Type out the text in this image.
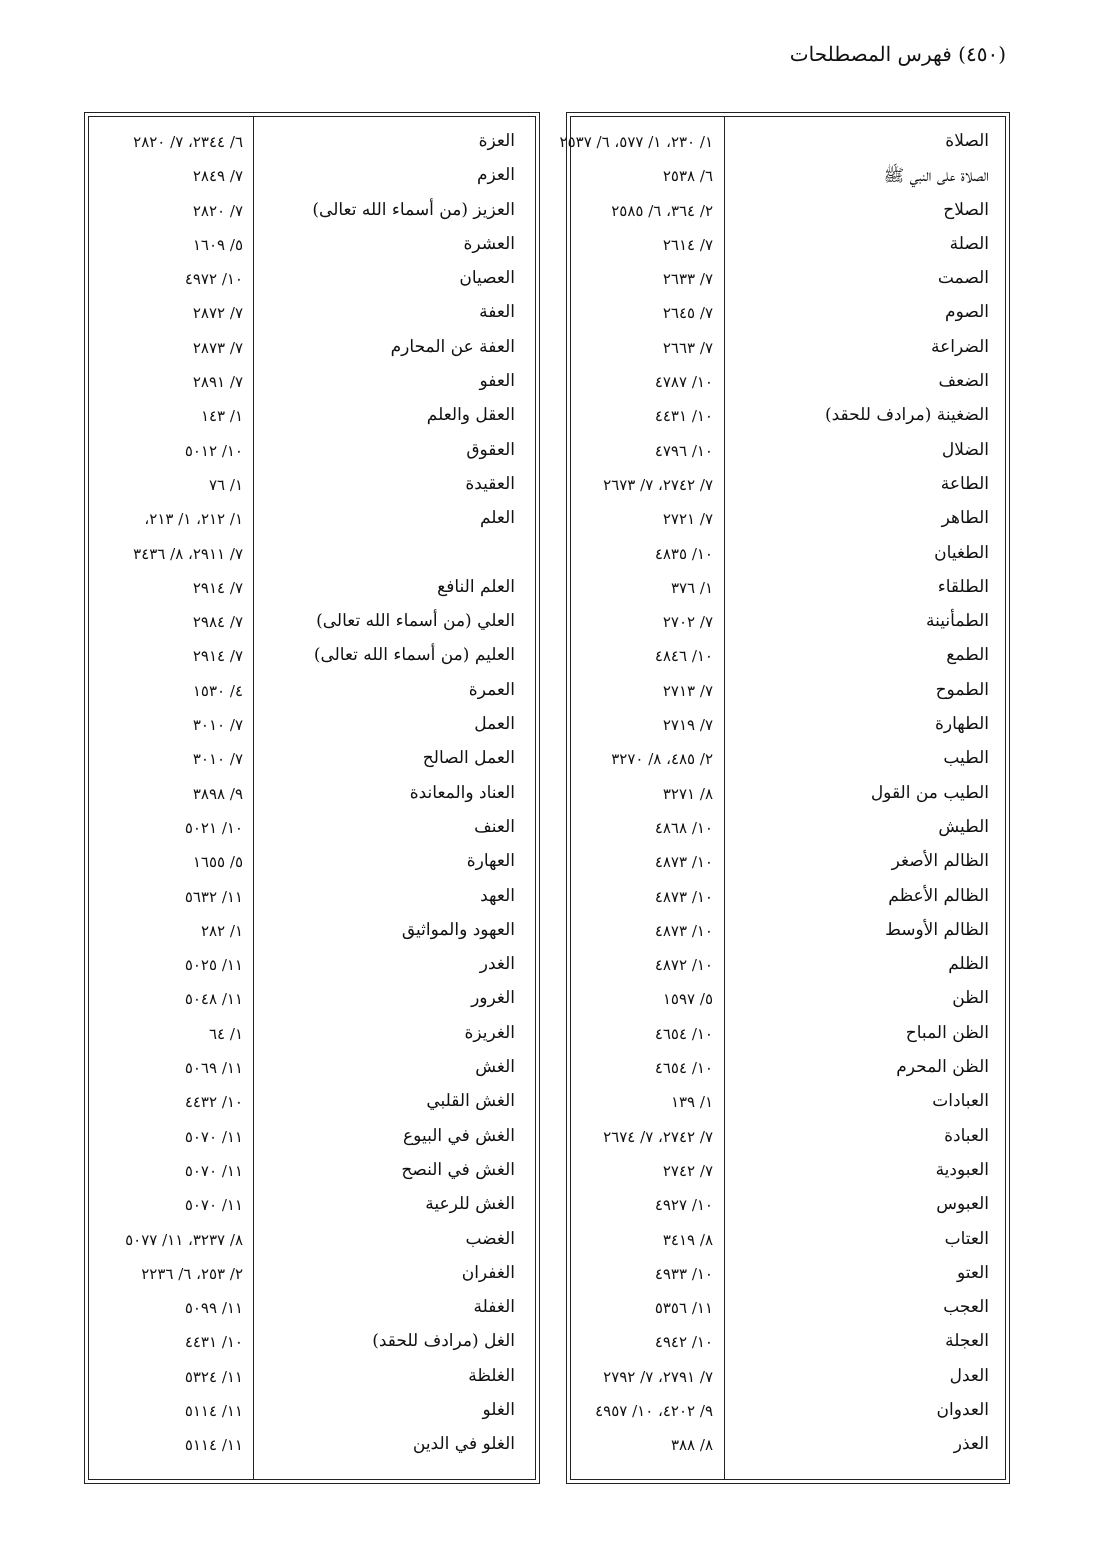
(٤٥٠) فهرس المصطلحات
الصلاة
١/ ٢٣٠، ١/ ٥٧٧، ٦/ ٢٥٣٧
الصلاة على النبي ﷺ
٦/ ٢٥٣٨
الصلاح
٢/ ٣٦٤، ٦/ ٢٥٨٥
الصلة
٧/ ٢٦١٤
الصمت
٧/ ٢٦٣٣
الصوم
٧/ ٢٦٤٥
الضراعة
٧/ ٢٦٦٣
الضعف
١٠/ ٤٧٨٧
الضغينة (مرادف للحقد)
١٠/ ٤٤٣١
الضلال
١٠/ ٤٧٩٦
الطاعة
٧/ ٢٧٤٢، ٧/ ٢٦٧٣
الطاهر
٧/ ٢٧٢١
الطغيان
١٠/ ٤٨٣٥
الطلقاء
١/ ٣٧٦
الطمأنينة
٧/ ٢٧٠٢
الطمع
١٠/ ٤٨٤٦
الطموح
٧/ ٢٧١٣
الطهارة
٧/ ٢٧١٩
الطيب
٢/ ٤٨٥، ٨/ ٣٢٧٠
الطيب من القول
٨/ ٣٢٧١
الطيش
١٠/ ٤٨٦٨
الظالم الأصغر
١٠/ ٤٨٧٣
الظالم الأعظم
١٠/ ٤٨٧٣
الظالم الأوسط
١٠/ ٤٨٧٣
الظلم
١٠/ ٤٨٧٢
الظن
٥/ ١٥٩٧
الظن المباح
١٠/ ٤٦٥٤
الظن المحرم
١٠/ ٤٦٥٤
العبادات
١/ ١٣٩
العبادة
٧/ ٢٧٤٢، ٧/ ٢٦٧٤
العبودية
٧/ ٢٧٤٢
العبوس
١٠/ ٤٩٢٧
العتاب
٨/ ٣٤١٩
العتو
١٠/ ٤٩٣٣
العجب
١١/ ٥٣٥٦
العجلة
١٠/ ٤٩٤٢
العدل
٧/ ٢٧٩١، ٧/ ٢٧٩٢
العدوان
٩/ ٤٢٠٢، ١٠/ ٤٩٥٧
العذر
٨/ ٣٨٨
العزة
٦/ ٢٣٤٤، ٧/ ٢٨٢٠
العزم
٧/ ٢٨٤٩
العزيز (من أسماء الله تعالى)
٧/ ٢٨٢٠
العشرة
٥/ ١٦٠٩
العصيان
١٠/ ٤٩٧٢
العفة
٧/ ٢٨٧٢
العفة عن المحارم
٧/ ٢٨٧٣
العفو
٧/ ٢٨٩١
العقل والعلم
١/ ١٤٣
العقوق
١٠/ ٥٠١٢
العقيدة
١/ ٧٦
العلم
١/ ٢١٢، ١/ ٢١٣،
٧/ ٢٩١١، ٨/ ٣٤٣٦
العلم النافع
٧/ ٢٩١٤
العلي (من أسماء الله تعالى)
٧/ ٢٩٨٤
العليم (من أسماء الله تعالى)
٧/ ٢٩١٤
العمرة
٤/ ١٥٣٠
العمل
٧/ ٣٠١٠
العمل الصالح
٧/ ٣٠١٠
العناد والمعاندة
٩/ ٣٨٩٨
العنف
١٠/ ٥٠٢١
العهارة
٥/ ١٦٥٥
العهد
١١/ ٥٦٣٢
العهود والمواثيق
١/ ٢٨٢
الغدر
١١/ ٥٠٢٥
الغرور
١١/ ٥٠٤٨
الغريزة
١/ ٦٤
الغش
١١/ ٥٠٦٩
الغش القلبي
١٠/ ٤٤٣٢
الغش في البيوع
١١/ ٥٠٧٠
الغش في النصح
١١/ ٥٠٧٠
الغش للرعية
١١/ ٥٠٧٠
الغضب
٨/ ٣٢٣٧، ١١/ ٥٠٧٧
الغفران
٢/ ٢٥٣، ٦/ ٢٢٣٦
الغفلة
١١/ ٥٠٩٩
الغل (مرادف للحقد)
١٠/ ٤٤٣١
الغلظة
١١/ ٥٣٢٤
الغلو
١١/ ٥١١٤
الغلو في الدين
١١/ ٥١١٤
